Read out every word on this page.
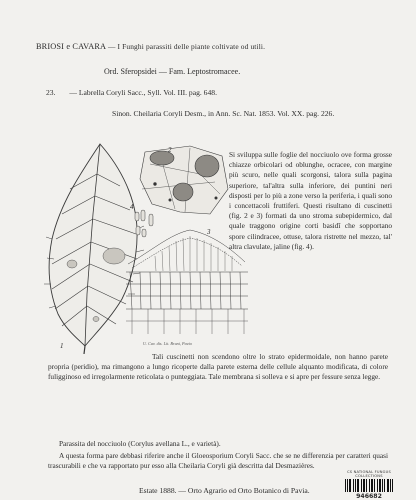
BRIOSI e CAVARA — I Funghi parassiti delle piante coltivate od utili.
Ord. Sferopsidei — Fam. Leptostromacee.
23. — Labrella Coryli Sacc., Syll. Vol. III. pag. 648.
Sinon. Cheilaria Coryli Desm., in Ann. Sc. Nat. 1853. Vol. XX. pag. 226.
2
4
3
1	U. Cav. dis. Lit. Bruni, Pavia

Si sviluppa sulle foglie del nocciuolo ove forma grosse chiazze orbicolari od oblunghe, ocracee, con margine più scuro, nelle quali scorgonsi, talora sulla pagina superiore, tal'altra sulla inferiore, dei puntini neri disposti per lo più a zone verso la periferia, i quali sono i concettacoli fruttiferi. Questi risultano di cuscinetti (fig. 2 e 3) formati da uno stroma subepidermico, dal quale traggono origine corti basidî che sopportano spore cilindracee, ottuse, talora ristrette nel mezzo, tal' altra clavulate, jaline (fig. 4).

Tali cuscinetti non scendono oltre lo strato epidermoidale, non hanno parete propria (peridio), ma rimangono a lungo ricoperte dalla parete esterna delle cellule alquanto modificata, di colore fuligginoso ed irregolarmente reticolata o punteggiata. Tale membrana si solleva e si apre per fessure senza legge.

Parassita del nocciuolo (Corylus avellana L., e varietà).

A questa forma pare debbasi riferire anche il Gloeosporium Coryli Sacc. che se ne differenzia per caratteri quasi trascurabili e che va rapportato pur esso alla Cheilaria Coryli già descritta dal Desmazières.

Estate 1888. — Orto Agrario ed Orto Botanico di Pavia.
CS NATIONAL FUNGUS COLLECTIONS
946682
